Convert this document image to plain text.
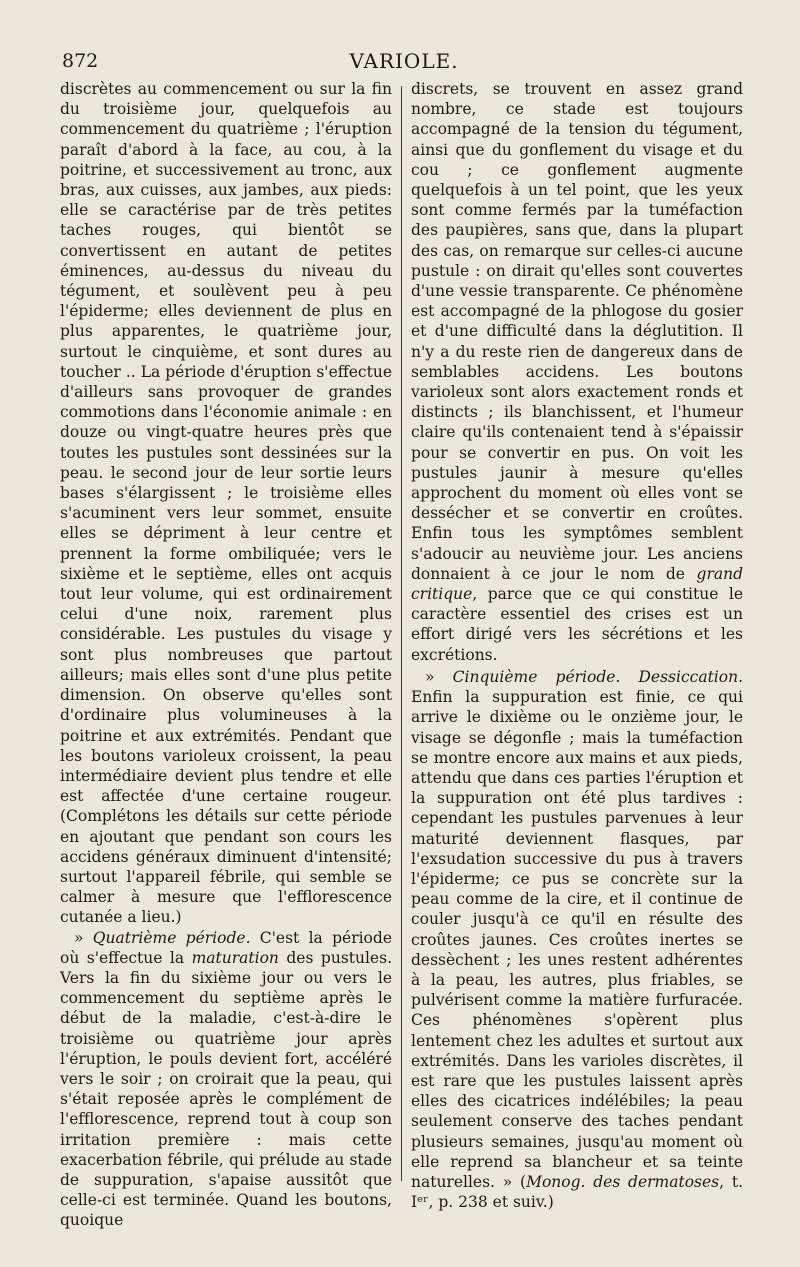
872	VARIOLE.

discrètes au commencement ou sur la fin du troisième jour, quelquefois au commencement du quatrième ; l'éruption paraît d'abord à la face, au cou, à la poitrine, et successivement au tronc, aux bras, aux cuisses, aux jambes, aux pieds: elle se caractérise par de très petites taches rouges, qui bientôt se convertissent en autant de petites éminences, au-dessus du niveau du tégument, et soulèvent peu à peu l'épiderme; elles deviennent de plus en plus apparentes, le quatrième jour, surtout le cinquième, et sont dures au toucher .. La période d'éruption s'effectue d'ailleurs sans provoquer de grandes commotions dans l'économie animale : en douze ou vingt-quatre heures près que toutes les pustules sont dessinées sur la peau. le second jour de leur sortie leurs bases s'élargissent ; le troisième elles s'acuminent vers leur sommet, ensuite elles se dépriment à leur centre et prennent la forme ombiliquée; vers le sixième et le septième, elles ont acquis tout leur volume, qui est ordinairement celui d'une noix, rarement plus considérable. Les pustules du visage y sont plus nombreuses que partout ailleurs; mais elles sont d'une plus petite dimension. On observe qu'elles sont d'ordinaire plus volumineuses à la poitrine et aux extrémités. Pendant que les boutons varioleux croissent, la peau intermédiaire devient plus tendre et elle est affectée d'une certaine rougeur. (Complétons les détails sur cette période en ajoutant que pendant son cours les accidens généraux diminuent d'intensité; surtout l'appareil fébrile, qui semble se calmer à mesure que l'efflorescence cutanée a lieu.)

» Quatrième période. C'est la période où s'effectue la maturation des pustules. Vers la fin du sixième jour ou vers le commencement du septième après le début de la maladie, c'est-à-dire le troisième ou quatrième jour après l'éruption, le pouls devient fort, accéléré vers le soir ; on croirait que la peau, qui s'était reposée après le complément de l'efflorescence, reprend tout à coup son irritation première : mais cette exacerbation fébrile, qui prélude au stade de suppuration, s'apaise aussitôt que celle-ci est terminée. Quand les boutons, quoique

discrets, se trouvent en assez grand nombre, ce stade est toujours accompagné de la tension du tégument, ainsi que du gonflement du visage et du cou ; ce gonflement augmente quelquefois à un tel point, que les yeux sont comme fermés par la tuméfaction des paupières, sans que, dans la plupart des cas, on remarque sur celles-ci aucune pustule : on dirait qu'elles sont couvertes d'une vessie transparente. Ce phénomène est accompagné de la phlogose du gosier et d'une difficulté dans la déglutition. Il n'y a du reste rien de dangereux dans de semblables accidens. Les boutons varioleux sont alors exactement ronds et distincts ; ils blanchissent, et l'humeur claire qu'ils contenaient tend à s'épaissir pour se convertir en pus. On voit les pustules jaunir à mesure qu'elles approchent du moment où elles vont se dessécher et se convertir en croûtes. Enfin tous les symptômes semblent s'adoucir au neuvième jour. Les anciens donnaient à ce jour le nom de grand critique, parce que ce qui constitue le caractère essentiel des crises est un effort dirigé vers les sécrétions et les excrétions.

» Cinquième période. Dessiccation. Enfin la suppuration est finie, ce qui arrive le dixième ou le onzième jour, le visage se dégonfle ; mais la tuméfaction se montre encore aux mains et aux pieds, attendu que dans ces parties l'éruption et la suppuration ont été plus tardives : cependant les pustules parvenues à leur maturité deviennent flasques, par l'exsudation successive du pus à travers l'épiderme; ce pus se concrète sur la peau comme de la cire, et il continue de couler jusqu'à ce qu'il en résulte des croûtes jaunes. Ces croûtes inertes se dessèchent ; les unes restent adhérentes à la peau, les autres, plus friables, se pulvérisent comme la matière furfuracée. Ces phénomènes s'opèrent plus lentement chez les adultes et surtout aux extrémités. Dans les varioles discrètes, il est rare que les pustules laissent après elles des cicatrices indélébiles; la peau seulement conserve des taches pendant plusieurs semaines, jusqu'au moment où elle reprend sa blancheur et sa teinte naturelles. » (Monog. des dermatoses, t. Iᵉʳ, p. 238 et suiv.)
